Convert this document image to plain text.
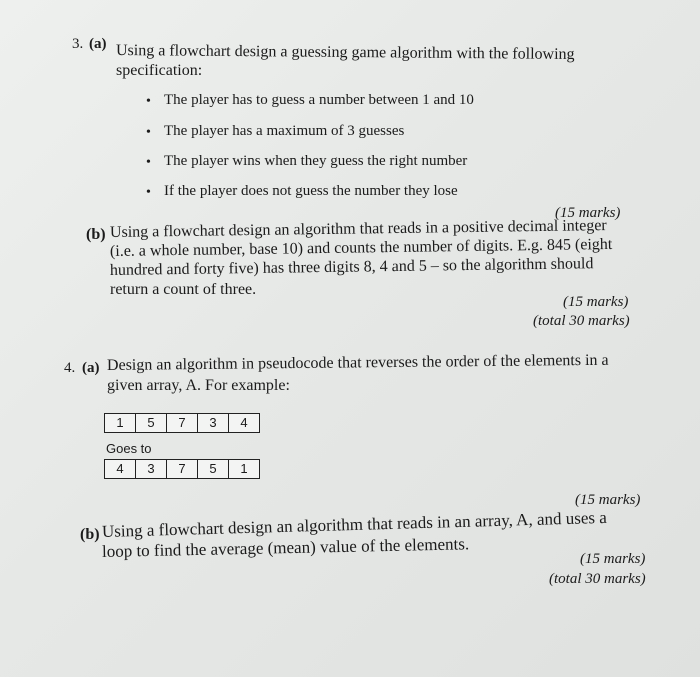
3. (a) Using a flowchart design a guessing game algorithm with the following
specification:
• The player has to guess a number between 1 and 10
• The player has a maximum of 3 guesses
• The player wins when they guess the right number
• If the player does not guess the number they lose
(15 marks)
(b) Using a flowchart design an algorithm that reads in a positive decimal integer
(i.e. a whole number, base 10) and counts the number of digits. E.g. 845 (eight
hundred and forty five) has three digits 8, 4 and 5 – so the algorithm should
return a count of three.
(15 marks)
(total 30 marks)
4. (a) Design an algorithm in pseudocode that reverses the order of the elements in a
given array, A. For example:
1	5	7	3	4
Goes to
4	3	7	5	1
(15 marks)
(b) Using a flowchart design an algorithm that reads in an array, A, and uses a
loop to find the average (mean) value of the elements.	(15 marks)
(total 30 marks)
